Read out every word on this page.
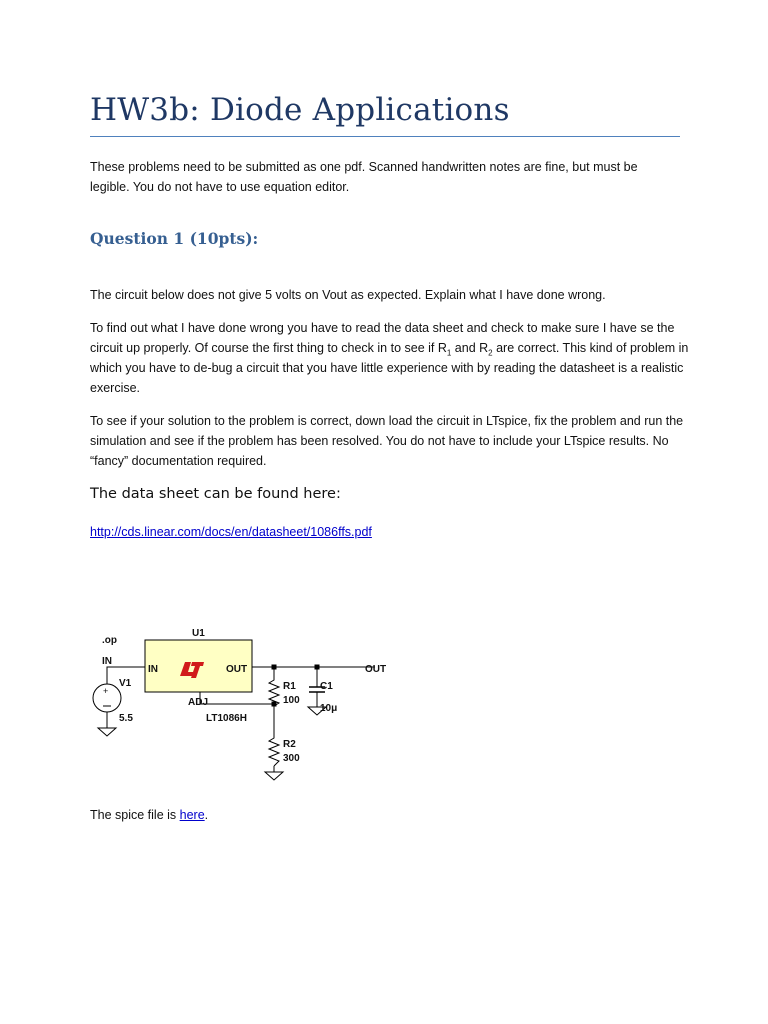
HW3b: Diode Applications

These problems need to be submitted as one pdf. Scanned handwritten notes are fine, but must be legible. You do not have to use equation editor.

Question 1 (10pts):

The circuit below does not give 5 volts on Vout as expected. Explain what I have done wrong.

To find out what I have done wrong you have to read the data sheet and check to make sure I have se the circuit up properly. Of course the first thing to check in to see if $R_1$ and $R_2$ are correct. This kind of problem in which you have to de-bug a circuit that you have little experience with by reading the datasheet is a realistic exercise.

To see if your solution to the problem is correct, down load the circuit in LTspice, fix the problem and run the simulation and see if the problem has been resolved. You do not have to include your LTspice results. No “fancy” documentation required.

The data sheet can be found here:

http://cds.linear.com/docs/en/datasheet/1086ffs.pdf

+
.op
U1
IN
IN	OUT
ADJ
LT1086H
V1
5.5
R1
100
R2
300
C1
10μ
OUT

The spice file is here.
